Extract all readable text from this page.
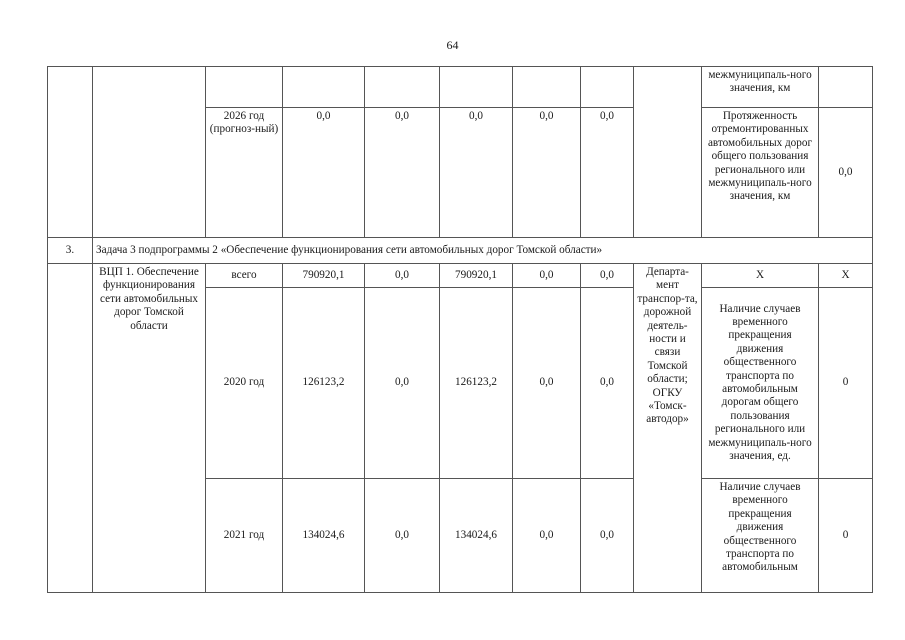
64
									межмуниципаль-ного значения, км	
		2026 год (прогноз-ный)	0,0	0,0	0,0	0,0	0,0		Протяженность отремонтированных автомобильных дорог общего пользования регионального или межмуниципаль-ного значения, км	0,0
3.	Задача 3 подпрограммы 2 «Обеспечение функционирования сети автомобильных дорог Томской области»									
	ВЦП 1. Обеспечение функционирования сети автомобильных дорог Томской области	всего	790920,1	0,0	790920,1	0,0	0,0	Департа-мент транспор-та, дорожной деятель-ности и связи Томской области; ОГКУ «Томск-автодор»	Х	Х
		2020 год	126123,2	0,0	126123,2	0,0	0,0		Наличие случаев временного прекращения движения общественного транспорта по автомобильным дорогам общего пользования регионального или межмуниципаль-ного значения, ед.	0
		2021 год	134024,6	0,0	134024,6	0,0	0,0		Наличие случаев временного прекращения движения общественного транспорта по автомобильным	0
